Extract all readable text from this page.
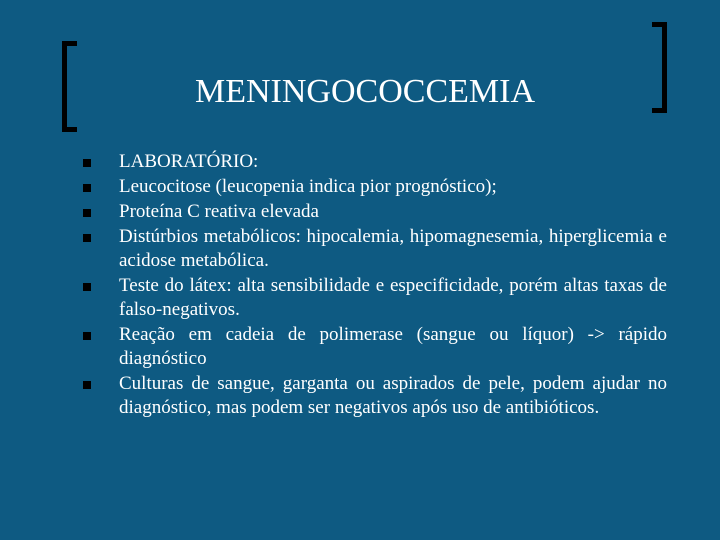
MENINGOCOCCEMIA
LABORATÓRIO:
Leucocitose (leucopenia indica pior prognóstico);
Proteína C reativa elevada
Distúrbios metabólicos: hipocalemia, hipomagnesemia, hiperglicemia e acidose metabólica.
Teste do látex: alta sensibilidade e especificidade, porém altas taxas de falso-negativos.
Reação em cadeia de polimerase (sangue ou líquor) -> rápido diagnóstico
Culturas de sangue, garganta ou aspirados de pele, podem ajudar no diagnóstico, mas podem ser negativos após uso de antibióticos.
